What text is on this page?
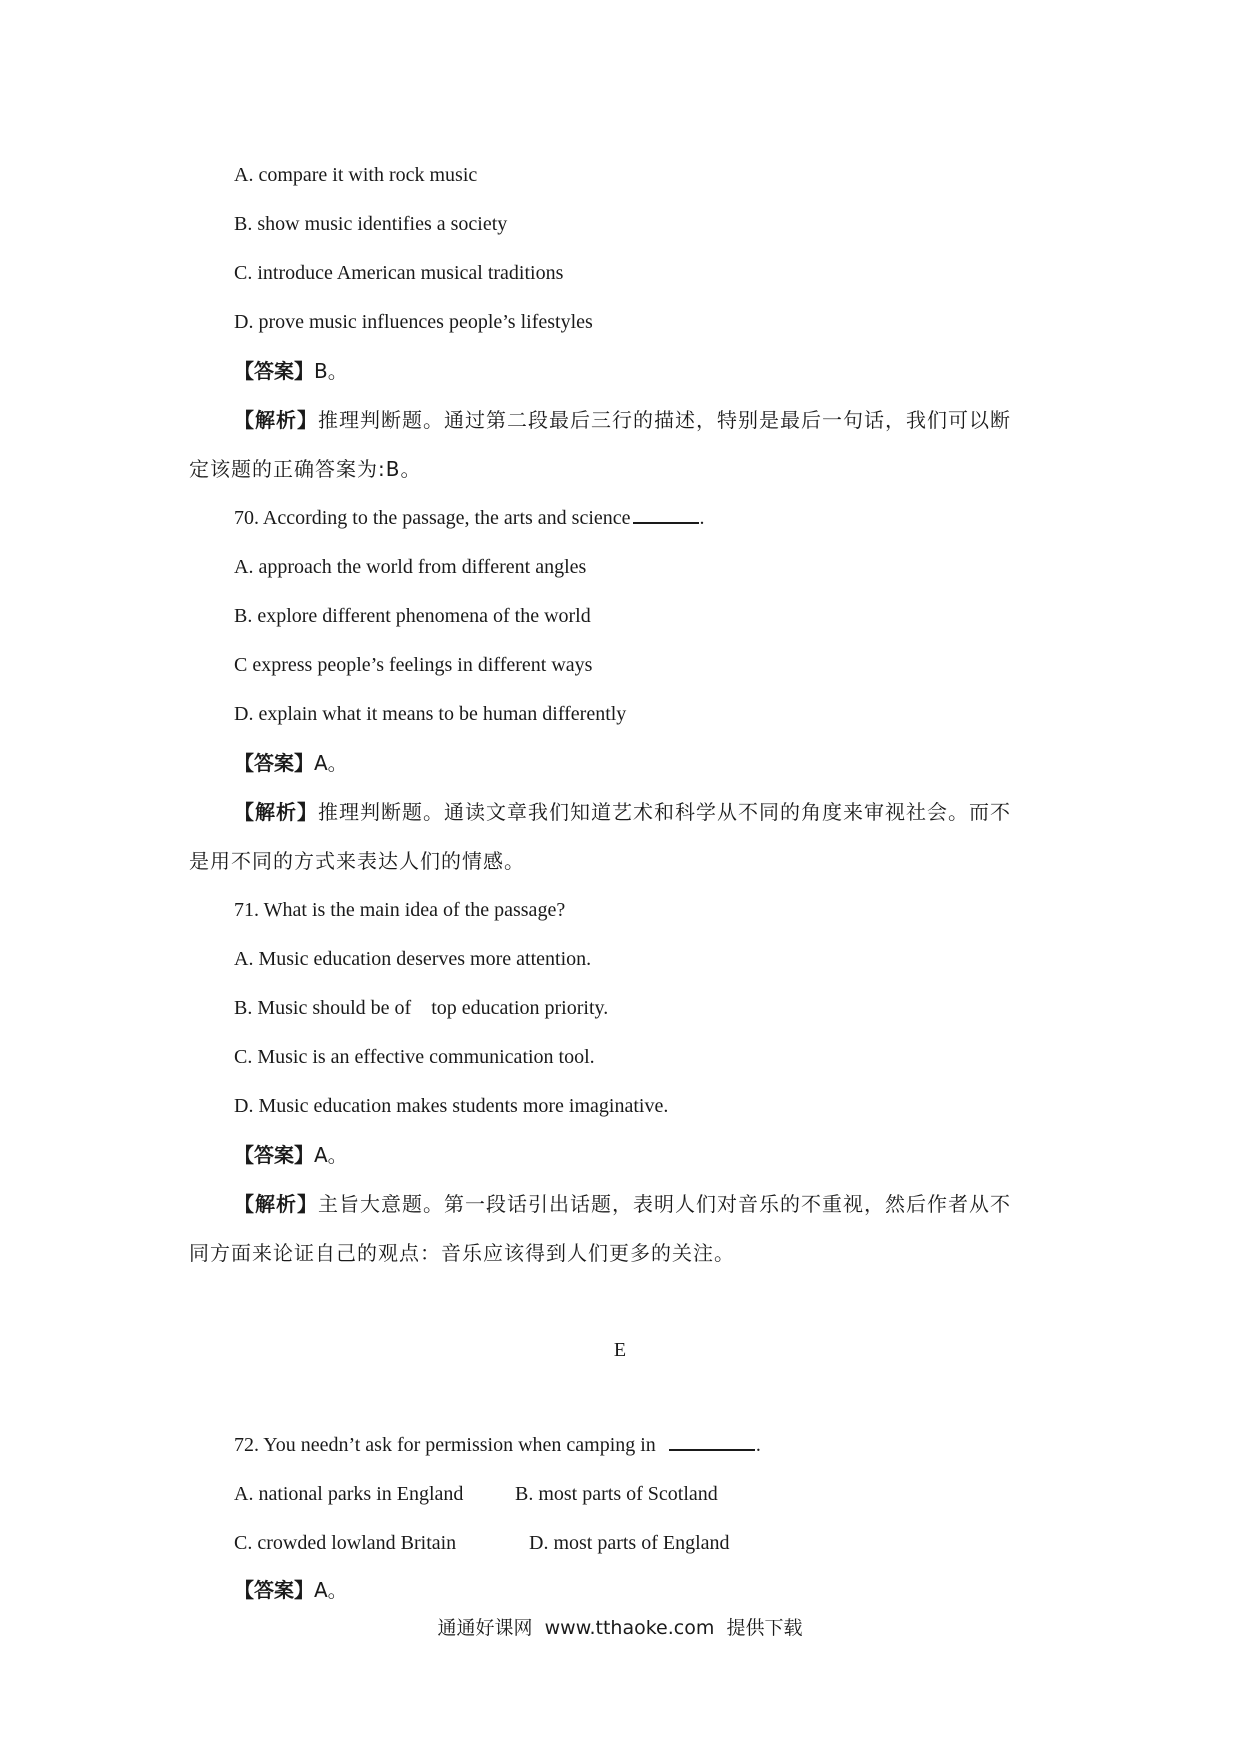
A. compare it with rock music
B. show music identifies a society
C. introduce American musical traditions
D. prove music influences people’s lifestyles
【答案】B。
【解析】推理判断题。通过第二段最后三行的描述，特别是最后一句话，我们可以断
定该题的正确答案为:B。
70. According to the passage, the arts and science	.
A. approach the world from different angles
B. explore different phenomena of the world
C express people’s feelings in different ways
D. explain what it means to be human differently
【答案】A。
【解析】推理判断题。通读文章我们知道艺术和科学从不同的角度来审视社会。而不
是用不同的方式来表达人们的情感。
71. What is the main idea of the passage?
A. Music education deserves more attention.
B. Music should be of    top education priority.
C. Music is an effective communication tool.
D. Music education makes students more imaginative.
【答案】A。
【解析】主旨大意题。第一段话引出话题，表明人们对音乐的不重视，然后作者从不
同方面来论证自己的观点：音乐应该得到人们更多的关注。
E
72. You needn’t ask for permission when camping in	.
A. national parks in England	B. most parts of Scotland
C. crowded lowland Britain	D. most parts of England
【答案】A。
通通好课网  www.tthaoke.com  提供下载
